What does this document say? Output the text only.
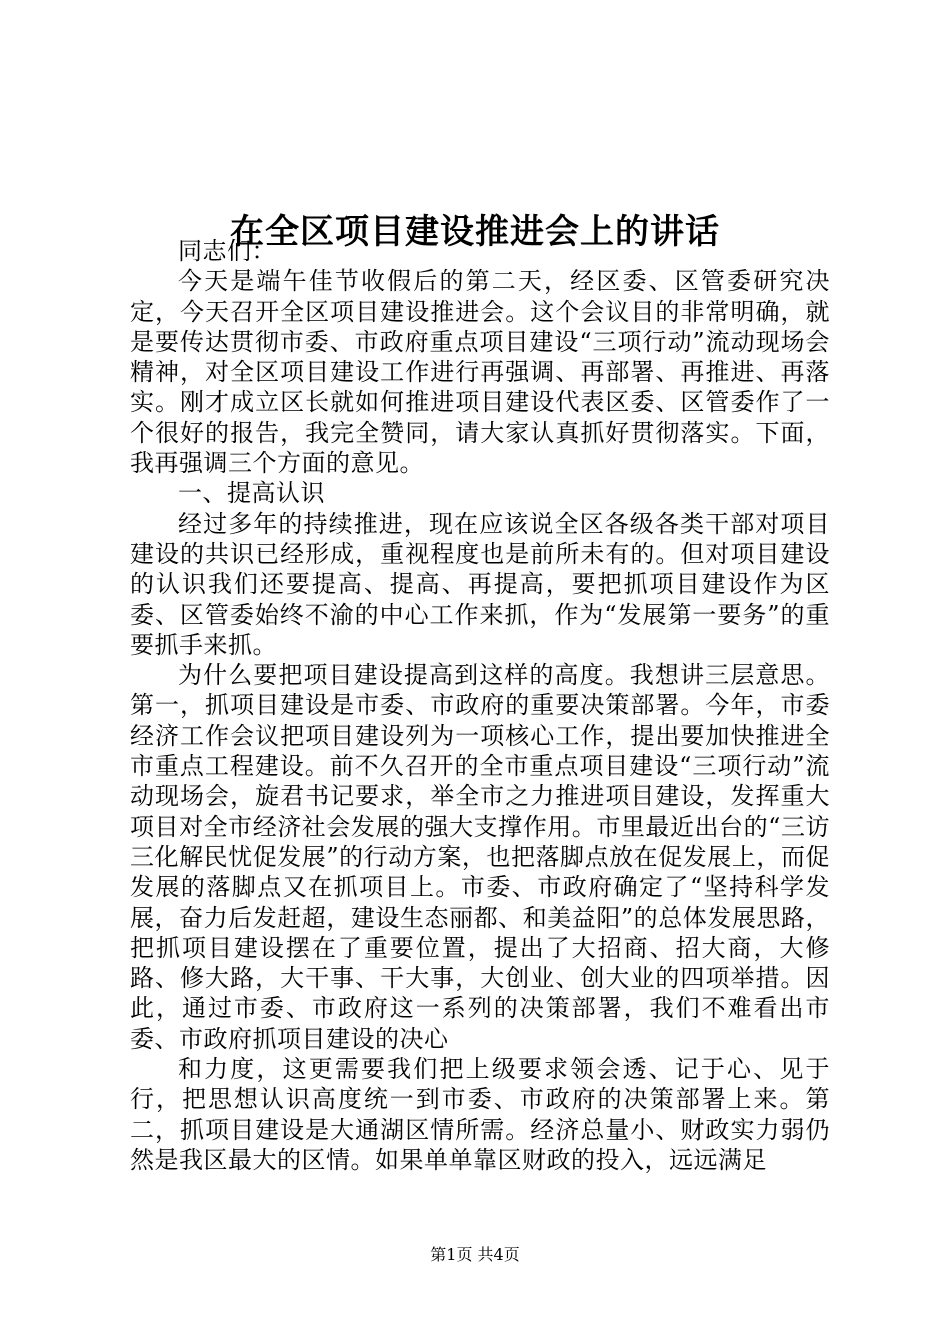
在全区项目建设推进会上的讲话

同志们：

今天是端午佳节收假后的第二天，经区委、区管委研究决定，今天召开全区项目建设推进会。这个会议目的非常明确，就是要传达贯彻市委、市政府重点项目建设“三项行动”流动现场会精神，对全区项目建设工作进行再强调、再部署、再推进、再落实。刚才成立区长就如何推进项目建设代表区委、区管委作了一个很好的报告，我完全赞同，请大家认真抓好贯彻落实。下面，我再强调三个方面的意见。

一、提高认识

经过多年的持续推进，现在应该说全区各级各类干部对项目建设的共识已经形成，重视程度也是前所未有的。但对项目建设的认识我们还要提高、提高、再提高，要把抓项目建设作为区委、区管委始终不渝的中心工作来抓，作为“发展第一要务”的重要抓手来抓。

为什么要把项目建设提高到这样的高度。我想讲三层意思。第一，抓项目建设是市委、市政府的重要决策部署。今年，市委经济工作会议把项目建设列为一项核心工作，提出要加快推进全市重点工程建设。前不久召开的全市重点项目建设“三项行动”流动现场会，旋君书记要求，举全市之力推进项目建设，发挥重大项目对全市经济社会发展的强大支撑作用。市里最近出台的“三访三化解民忧促发展”的行动方案，也把落脚点放在促发展上，而促发展的落脚点又在抓项目上。市委、市政府确定了“坚持科学发展，奋力后发赶超，建设生态丽都、和美益阳”的总体发展思路，把抓项目建设摆在了重要位置，提出了大招商、招大商，大修路、修大路，大干事、干大事，大创业、创大业的四项举措。因此，通过市委、市政府这一系列的决策部署，我们不难看出市委、市政府抓项目建设的决心

和力度，这更需要我们把上级要求领会透、记于心、见于行，把思想认识高度统一到市委、市政府的决策部署上来。第二，抓项目建设是大通湖区情所需。经济总量小、财政实力弱仍然是我区最大的区情。如果单单靠区财政的投入，远远满足

第1页 共4页
